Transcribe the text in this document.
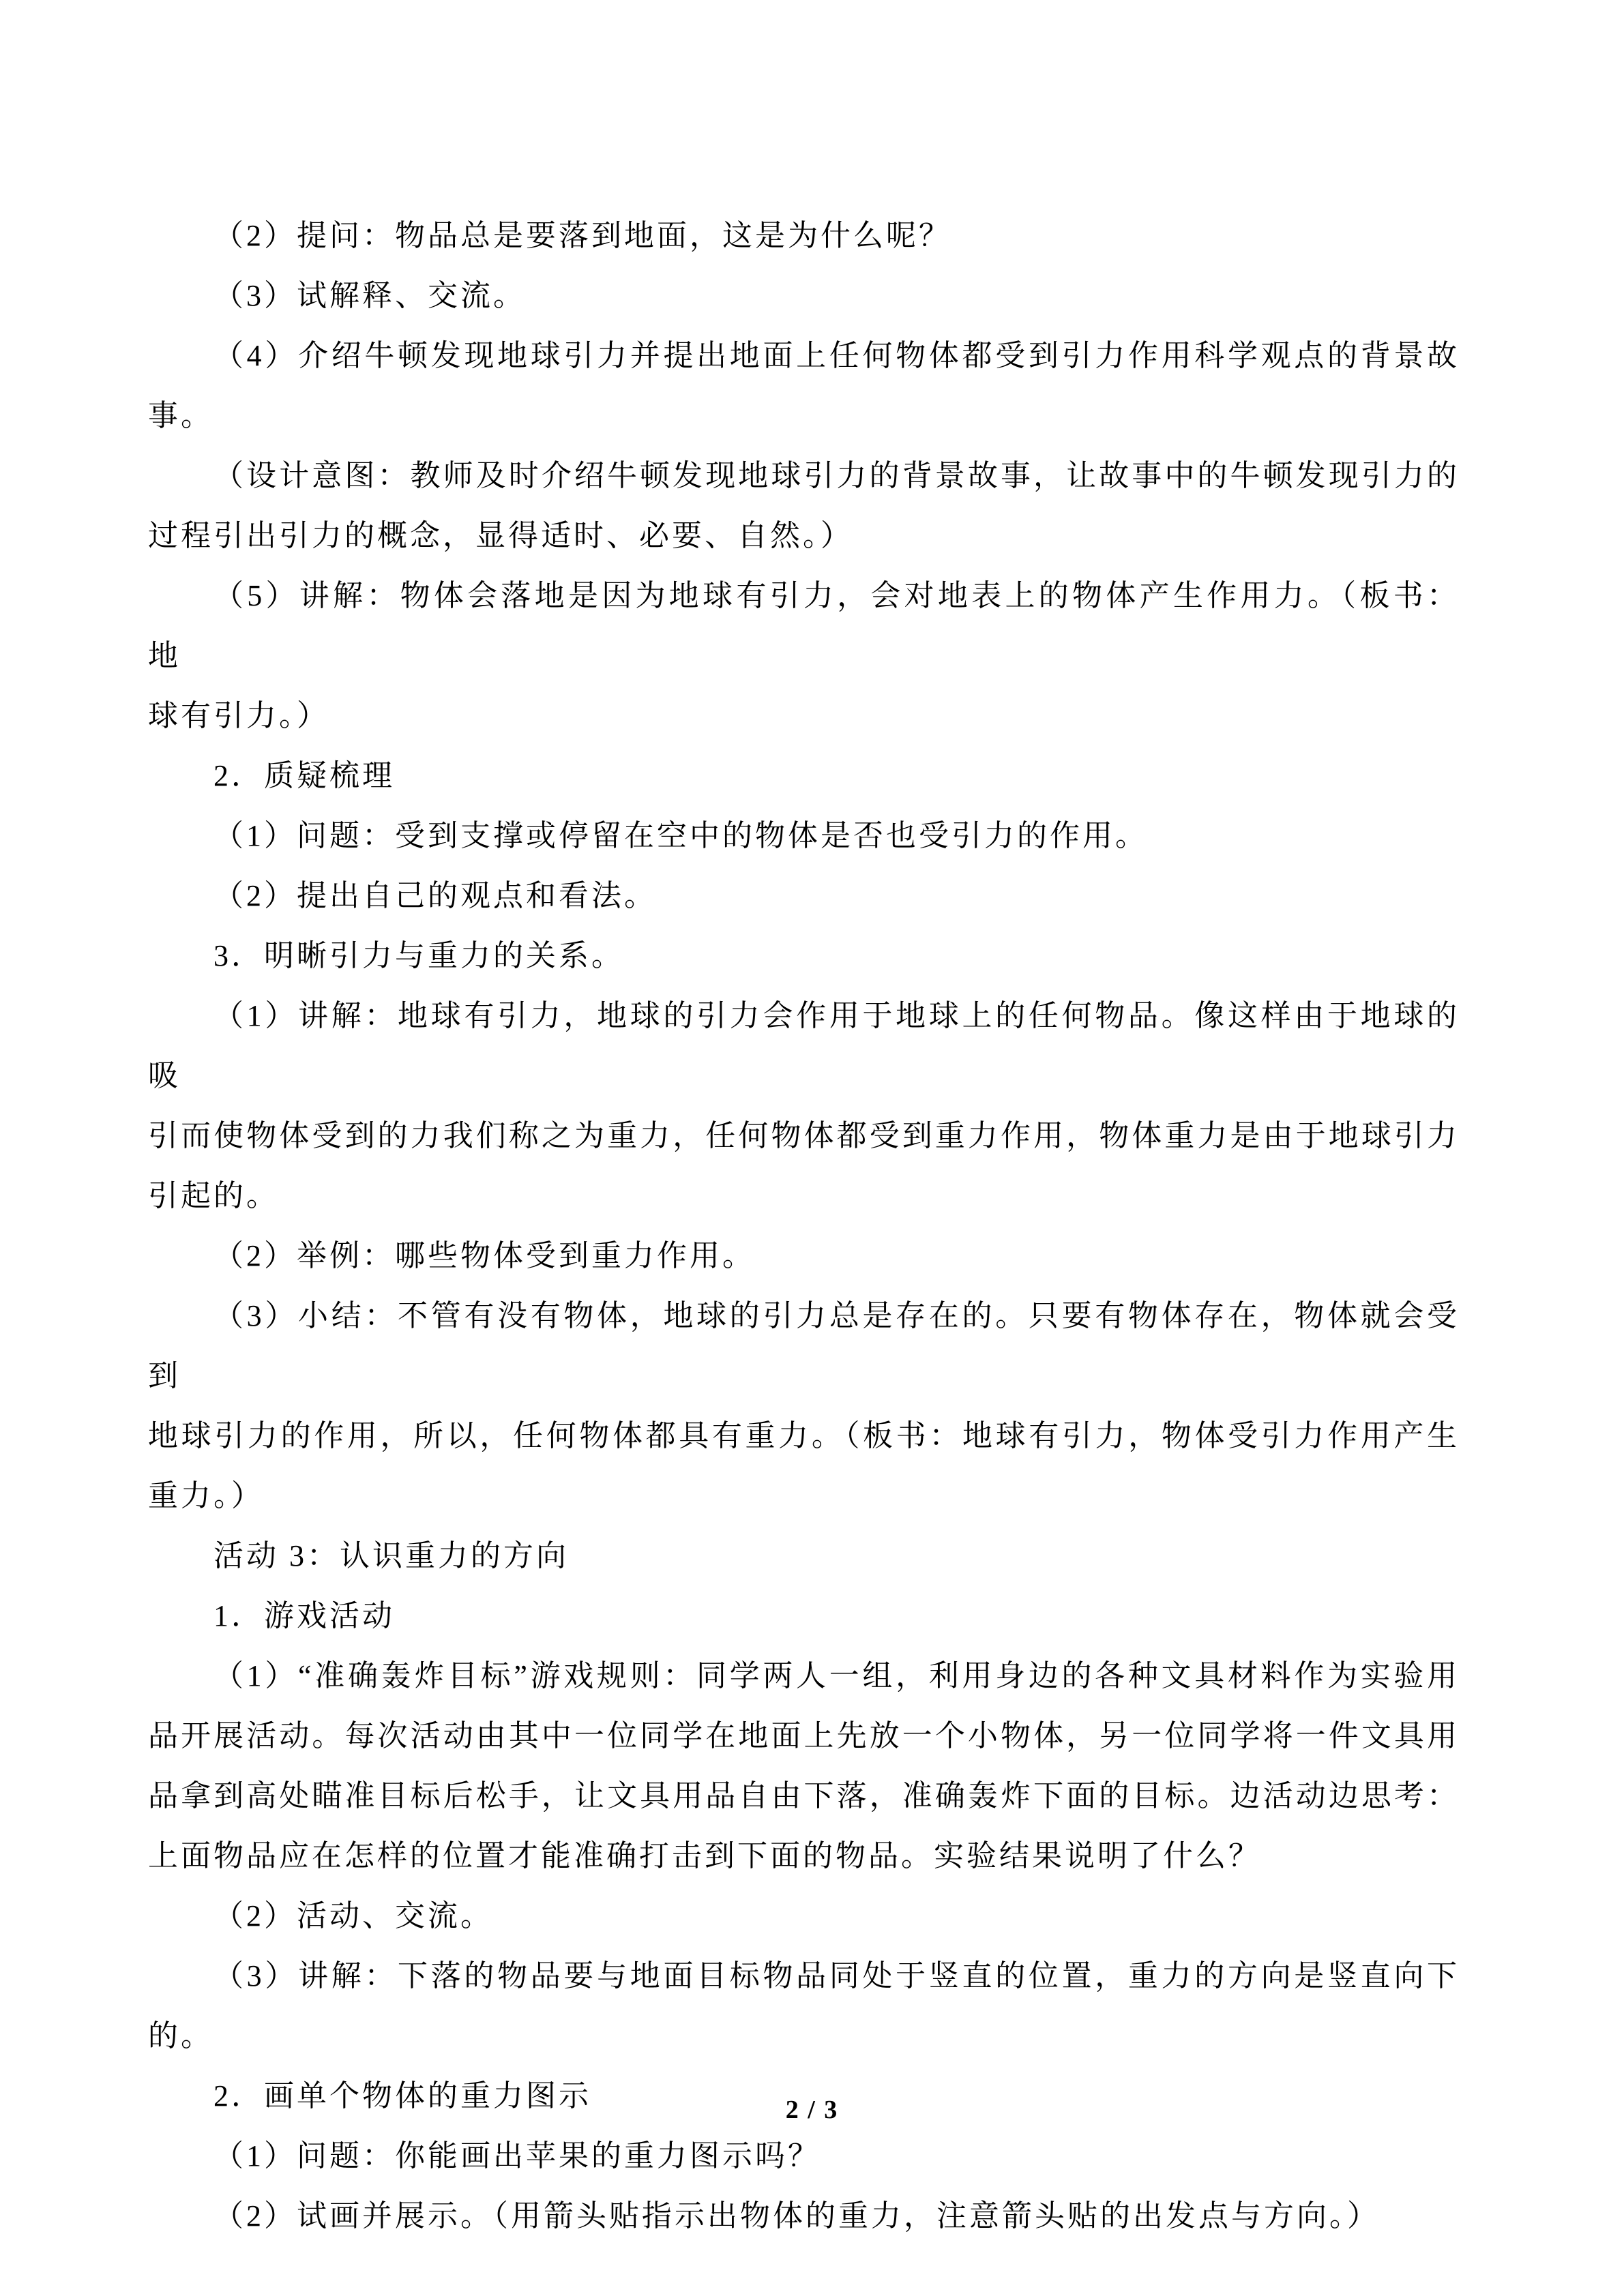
（2）提问：物品总是要落到地面，这是为什么呢？

（3）试解释、交流。

（4）介绍牛顿发现地球引力并提出地面上任何物体都受到引力作用科学观点的背景故

事。

（设计意图：教师及时介绍牛顿发现地球引力的背景故事，让故事中的牛顿发现引力的

过程引出引力的概念，显得适时、必要、自然。）

（5）讲解：物体会落地是因为地球有引力，会对地表上的物体产生作用力。（板书：地

球有引力。）

2．质疑梳理

（1）问题：受到支撑或停留在空中的物体是否也受引力的作用。

（2）提出自己的观点和看法。

3．明晰引力与重力的关系。

（1）讲解：地球有引力，地球的引力会作用于地球上的任何物品。像这样由于地球的吸

引而使物体受到的力我们称之为重力，任何物体都受到重力作用，物体重力是由于地球引力

引起的。

（2）举例：哪些物体受到重力作用。

（3）小结：不管有没有物体，地球的引力总是存在的。只要有物体存在，物体就会受到

地球引力的作用，所以，任何物体都具有重力。（板书：地球有引力，物体受引力作用产生

重力。）

活动 3：认识重力的方向

1．游戏活动

（1）“准确轰炸目标”游戏规则：同学两人一组，利用身边的各种文具材料作为实验用

品开展活动。每次活动由其中一位同学在地面上先放一个小物体，另一位同学将一件文具用

品拿到高处瞄准目标后松手，让文具用品自由下落，准确轰炸下面的目标。边活动边思考：

上面物品应在怎样的位置才能准确打击到下面的物品。实验结果说明了什么？

（2）活动、交流。

（3）讲解：下落的物品要与地面目标物品同处于竖直的位置，重力的方向是竖直向下

的。

2．画单个物体的重力图示

（1）问题：你能画出苹果的重力图示吗？

（2）试画并展示。（用箭头贴指示出物体的重力，注意箭头贴的出发点与方向。）

2 / 3
